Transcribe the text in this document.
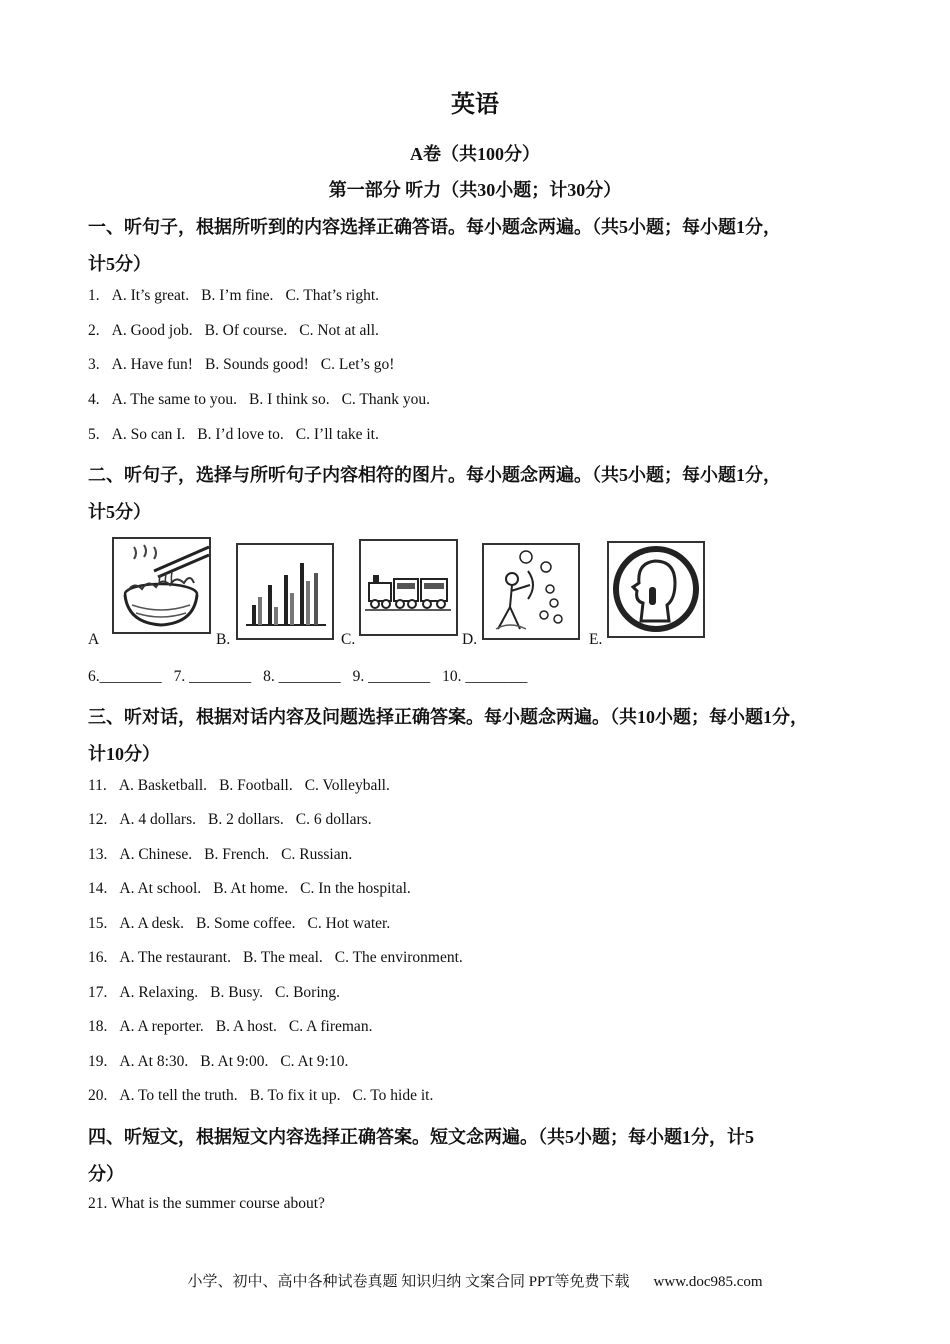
英语
A卷（共100分）
第一部分 听力（共30小题；计30分）
一、听句子，根据所听到的内容选择正确答语。每小题念两遍。（共5小题；每小题1分，
计5分）
1. A. It’s great. B. I’m fine. C. That’s right.
2. A. Good job. B. Of course. C. Not at all.
3. A. Have fun! B. Sounds good! C. Let’s go!
4. A. The same to you. B. I think so. C. Thank you.
5. A. So can I. B. I’d love to. C. I’ll take it.
二、听句子，选择与所听句子内容相符的图片。每小题念两遍。（共5小题；每小题1分，
计5分）
A	B.	C.	D.	E.
6.________ 7. ________ 8. ________ 9. ________ 10. ________
三、听对话，根据对话内容及问题选择正确答案。每小题念两遍。（共10小题；每小题1分，
计10分）
11. A. Basketball. B. Football. C. Volleyball.
12. A. 4 dollars. B. 2 dollars. C. 6 dollars.
13. A. Chinese. B. French. C. Russian.
14. A. At school. B. At home. C. In the hospital.
15. A. A desk. B. Some coffee. C. Hot water.
16. A. The restaurant. B. The meal. C. The environment.
17. A. Relaxing. B. Busy. C. Boring.
18. A. A reporter. B. A host. C. A fireman.
19. A. At 8:30. B. At 9:00. C. At 9:10.
20. A. To tell the truth. B. To fix it up. C. To hide it.
四、听短文，根据短文内容选择正确答案。短文念两遍。（共5小题；每小题1分，计5
分）
21. What is the summer course about?
小学、初中、高中各种试卷真题 知识归纳 文案合同 PPT等免费下载 www.doc985.com
